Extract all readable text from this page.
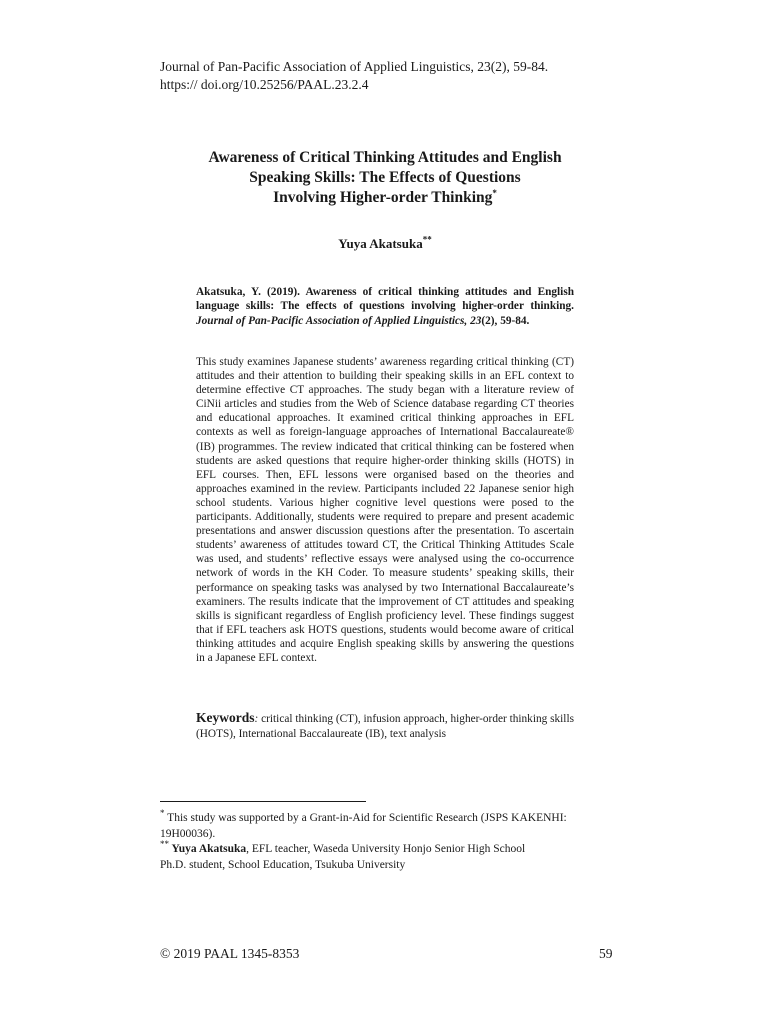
Journal of Pan-Pacific Association of Applied Linguistics, 23(2), 59-84.
https:// doi.org/10.25256/PAAL.23.2.4
Awareness of Critical Thinking Attitudes and English
Speaking Skills: The Effects of Questions
Involving Higher-order Thinking*
Yuya Akatsuka**
Akatsuka, Y. (2019). Awareness of critical thinking attitudes and English language skills: The effects of questions involving higher-order thinking. Journal of Pan-Pacific Association of Applied Linguistics, 23(2), 59-84.
This study examines Japanese students’ awareness regarding critical thinking (CT) attitudes and their attention to building their speaking skills in an EFL context to determine effective CT approaches. The study began with a literature review of CiNii articles and studies from the Web of Science database regarding CT theories and educational approaches. It examined critical thinking approaches in EFL contexts as well as foreign-language approaches of International Baccalaureate® (IB) programmes. The review indicated that critical thinking can be fostered when students are asked questions that require higher-order thinking skills (HOTS) in EFL courses. Then, EFL lessons were organised based on the theories and approaches examined in the review. Participants included 22 Japanese senior high school students. Various higher cognitive level questions were posed to the participants. Additionally, students were required to prepare and present academic presentations and answer discussion questions after the presentation. To ascertain students’ awareness of attitudes toward CT, the Critical Thinking Attitudes Scale was used, and students’ reflective essays were analysed using the co-occurrence network of words in the KH Coder. To measure students’ speaking skills, their performance on speaking tasks was analysed by two International Baccalaureate’s examiners. The results indicate that the improvement of CT attitudes and speaking skills is significant regardless of English proficiency level. These findings suggest that if EFL teachers ask HOTS questions, students would become aware of critical thinking attitudes and acquire English speaking skills by answering the questions in a Japanese EFL context.
Keywords: critical thinking (CT), infusion approach, higher-order thinking skills (HOTS), International Baccalaureate (IB), text analysis
* This study was supported by a Grant-in-Aid for Scientific Research (JSPS KAKENHI: 19H00036).
** Yuya Akatsuka, EFL teacher, Waseda University Honjo Senior High School
Ph.D. student, School Education, Tsukuba University
© 2019 PAAL 1345-8353	59
